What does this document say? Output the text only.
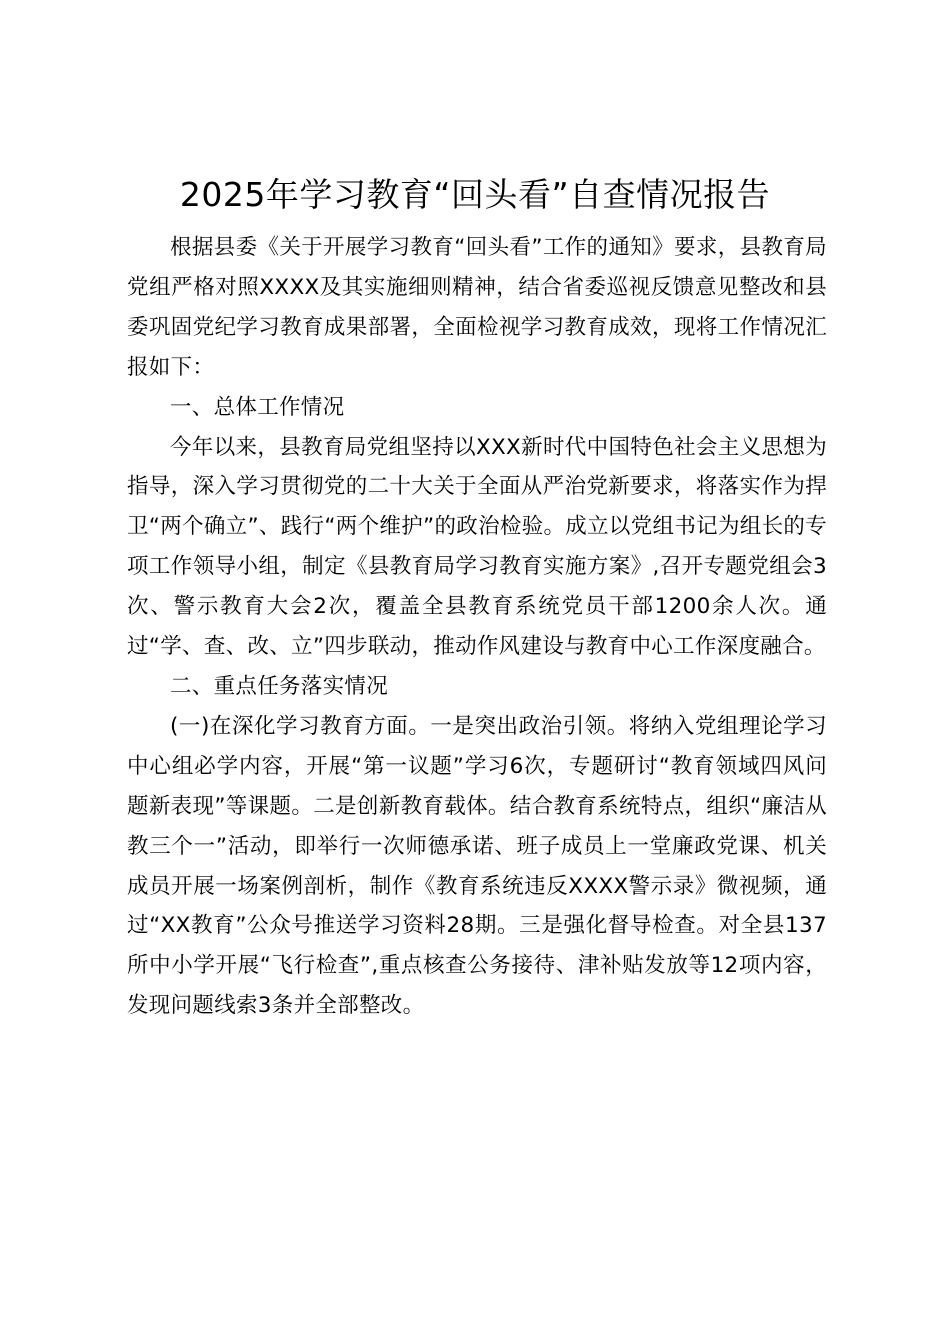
2025年学习教育“回头看”自查情况报告

根据县委《关于开展学习教育“回头看”工作的通知》要求，县教育局党组严格对照XXXX及其实施细则精神，结合省委巡视反馈意见整改和县委巩固党纪学习教育成果部署，全面检视学习教育成效，现将工作情况汇报如下：

一、总体工作情况

今年以来，县教育局党组坚持以XXX新时代中国特色社会主义思想为指导，深入学习贯彻党的二十大关于全面从严治党新要求，将落实作为捍卫“两个确立”、践行“两个维护”的政治检验。成立以党组书记为组长的专项工作领导小组，制定《县教育局学习教育实施方案》,召开专题党组会3次、警示教育大会2次，覆盖全县教育系统党员干部1200余人次。通过“学、查、改、立”四步联动，推动作风建设与教育中心工作深度融合。

二、重点任务落实情况

(一)在深化学习教育方面。一是突出政治引领。将纳入党组理论学习中心组必学内容，开展“第一议题”学习6次，专题研讨“教育领域四风问题新表现”等课题。二是创新教育载体。结合教育系统特点，组织“廉洁从教三个一”活动，即举行一次师德承诺、班子成员上一堂廉政党课、机关成员开展一场案例剖析，制作《教育系统违反XXXX警示录》微视频，通过“XX教育”公众号推送学习资料28期。三是强化督导检查。对全县137所中小学开展“飞行检查”,重点核查公务接待、津补贴发放等12项内容，发现问题线索3条并全部整改。
